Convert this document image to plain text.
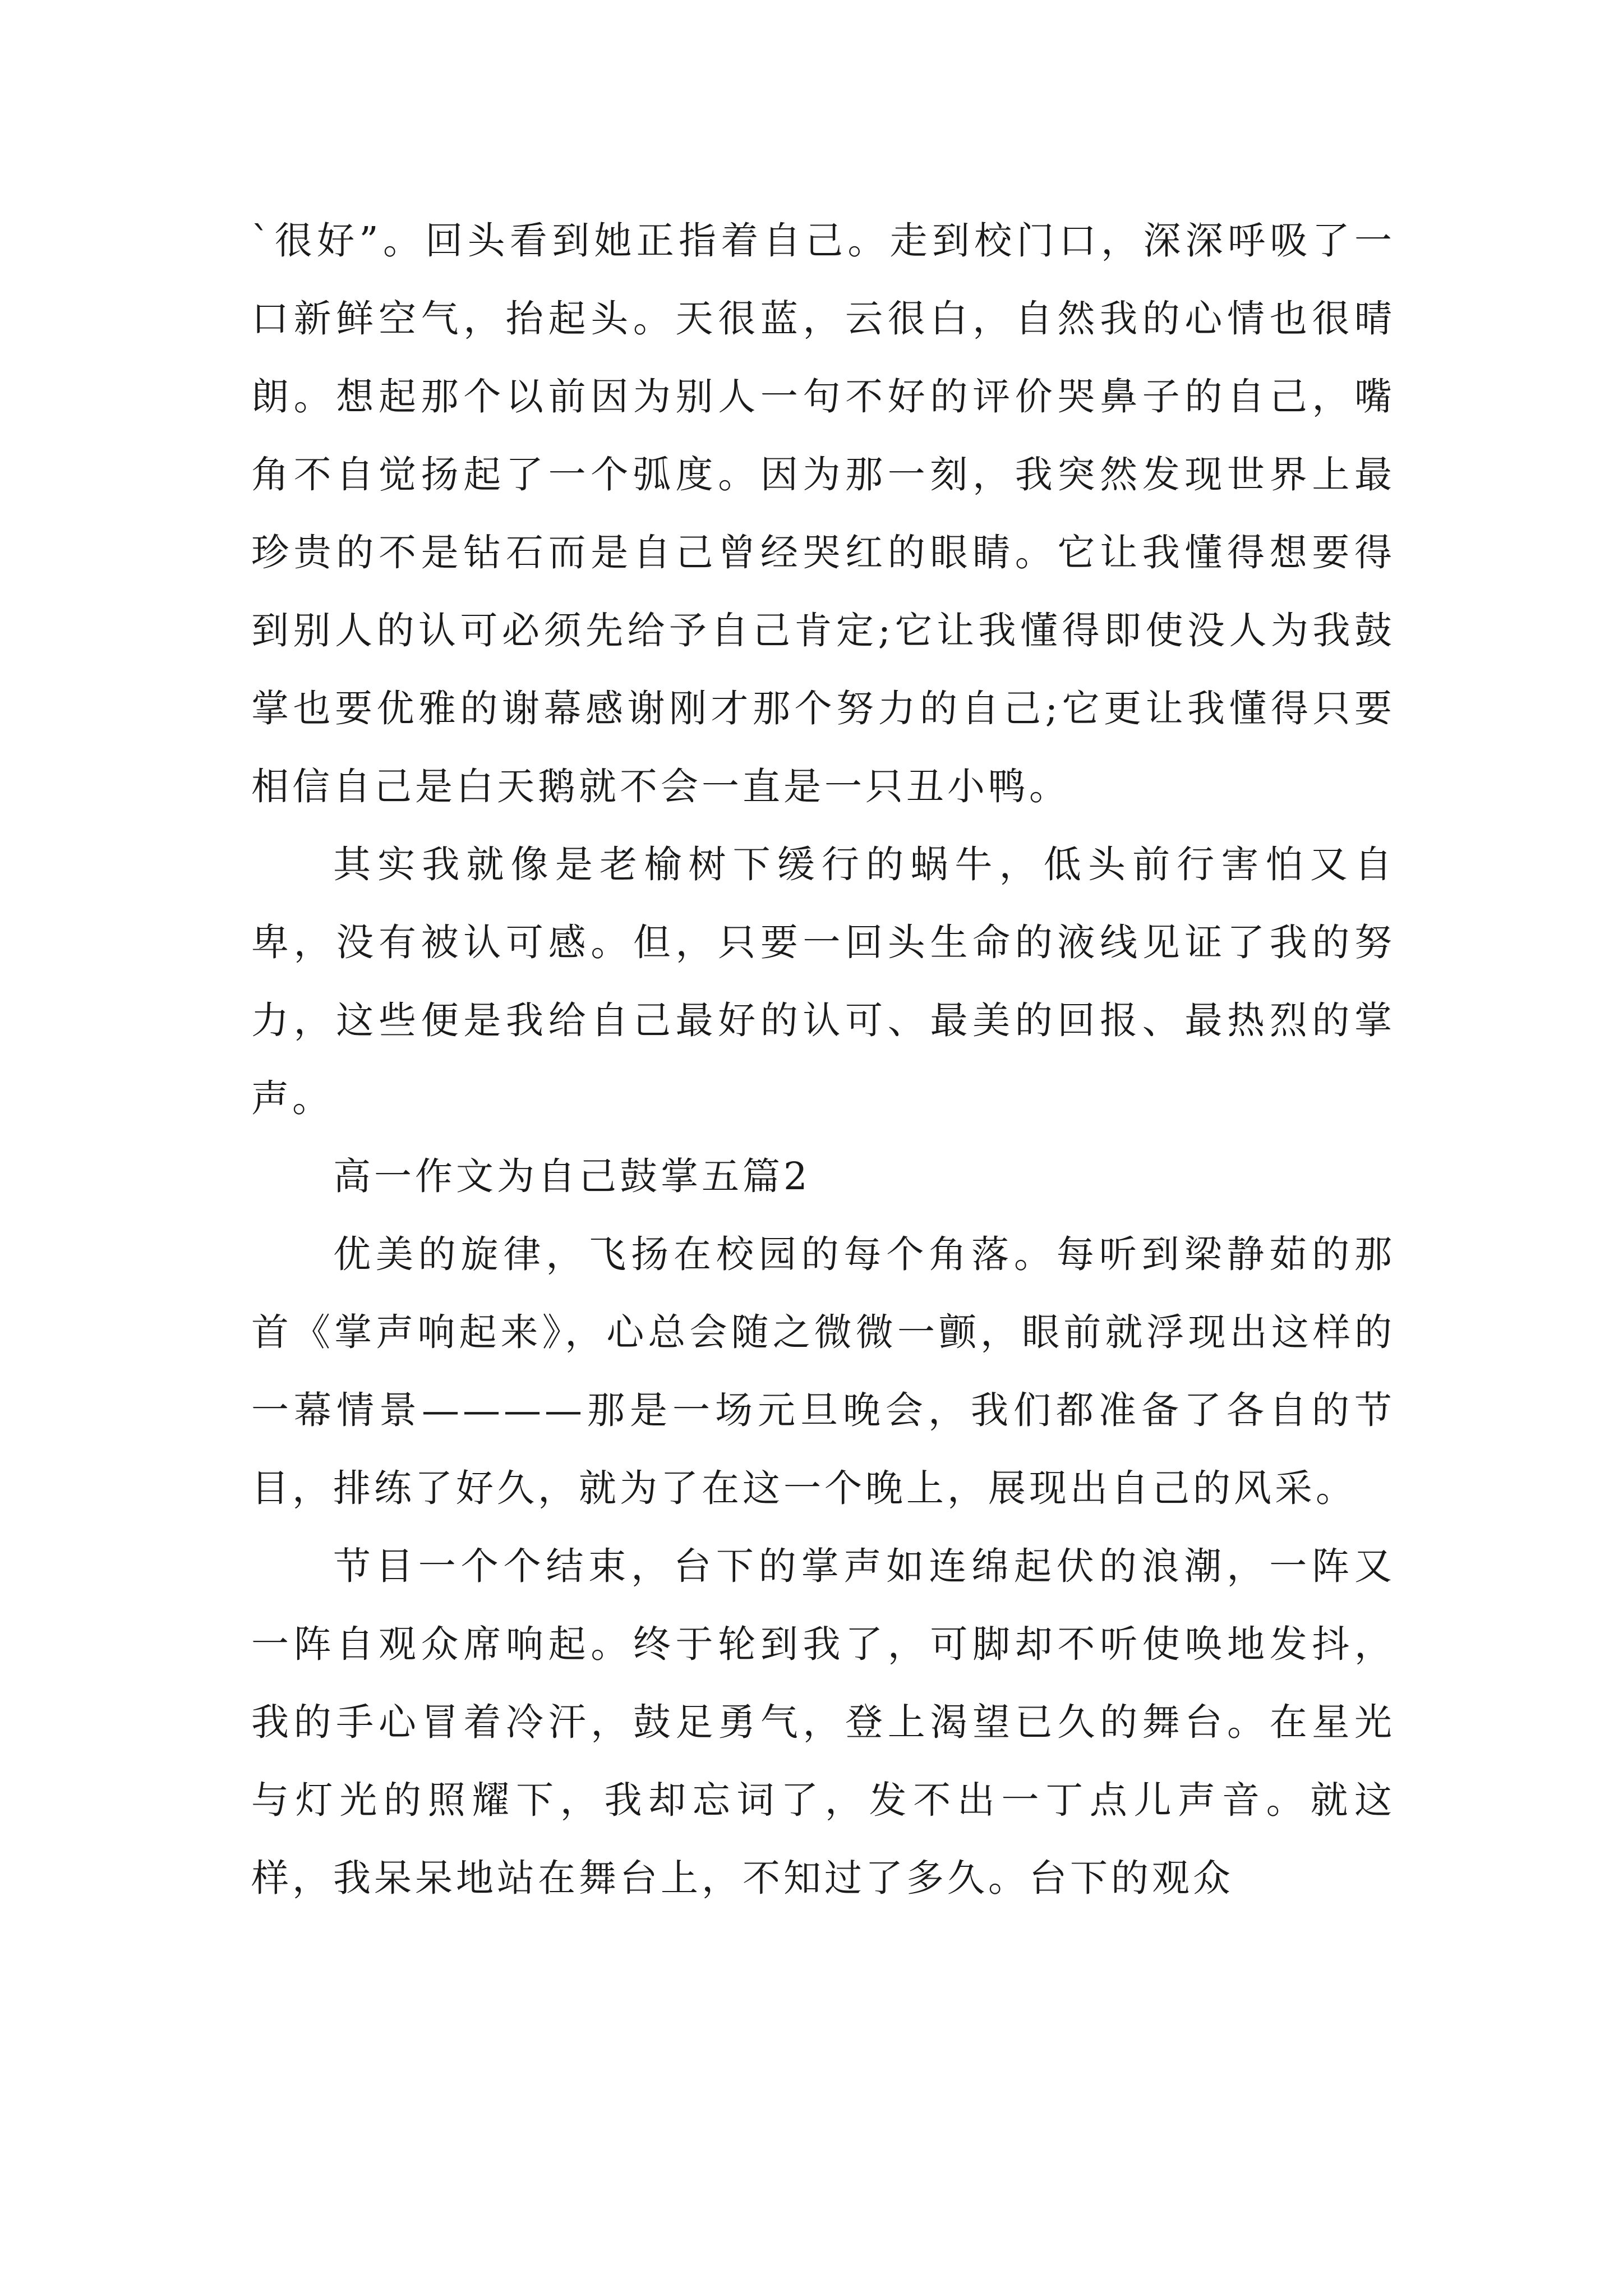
`很好”。回头看到她正指着自己。走到校门口，深深呼吸了一口新鲜空气，抬起头。天很蓝，云很白，自然我的心情也很晴朗。想起那个以前因为别人一句不好的评价哭鼻子的自己，嘴角不自觉扬起了一个弧度。因为那一刻，我突然发现世界上最珍贵的不是钻石而是自己曾经哭红的眼睛。它让我懂得想要得到别人的认可必须先给予自己肯定;它让我懂得即使没人为我鼓掌也要优雅的谢幕感谢刚才那个努力的自己;它更让我懂得只要相信自己是白天鹅就不会一直是一只丑小鸭。

其实我就像是老榆树下缓行的蜗牛，低头前行害怕又自卑，没有被认可感。但，只要一回头生命的液线见证了我的努力，这些便是我给自己最好的认可、最美的回报、最热烈的掌声。

高一作文为自己鼓掌五篇2

优美的旋律，飞扬在校园的每个角落。每听到梁静茹的那首《掌声响起来》，心总会随之微微一颤，眼前就浮现出这样的一幕情景————那是一场元旦晚会，我们都准备了各自的节目，排练了好久，就为了在这一个晚上，展现出自己的风采。

节目一个个结束，台下的掌声如连绵起伏的浪潮，一阵又一阵自观众席响起。终于轮到我了，可脚却不听使唤地发抖，我的手心冒着冷汗，鼓足勇气，登上渴望已久的舞台。在星光与灯光的照耀下，我却忘词了，发不出一丁点儿声音。就这样，我呆呆地站在舞台上，不知过了多久。台下的观众
